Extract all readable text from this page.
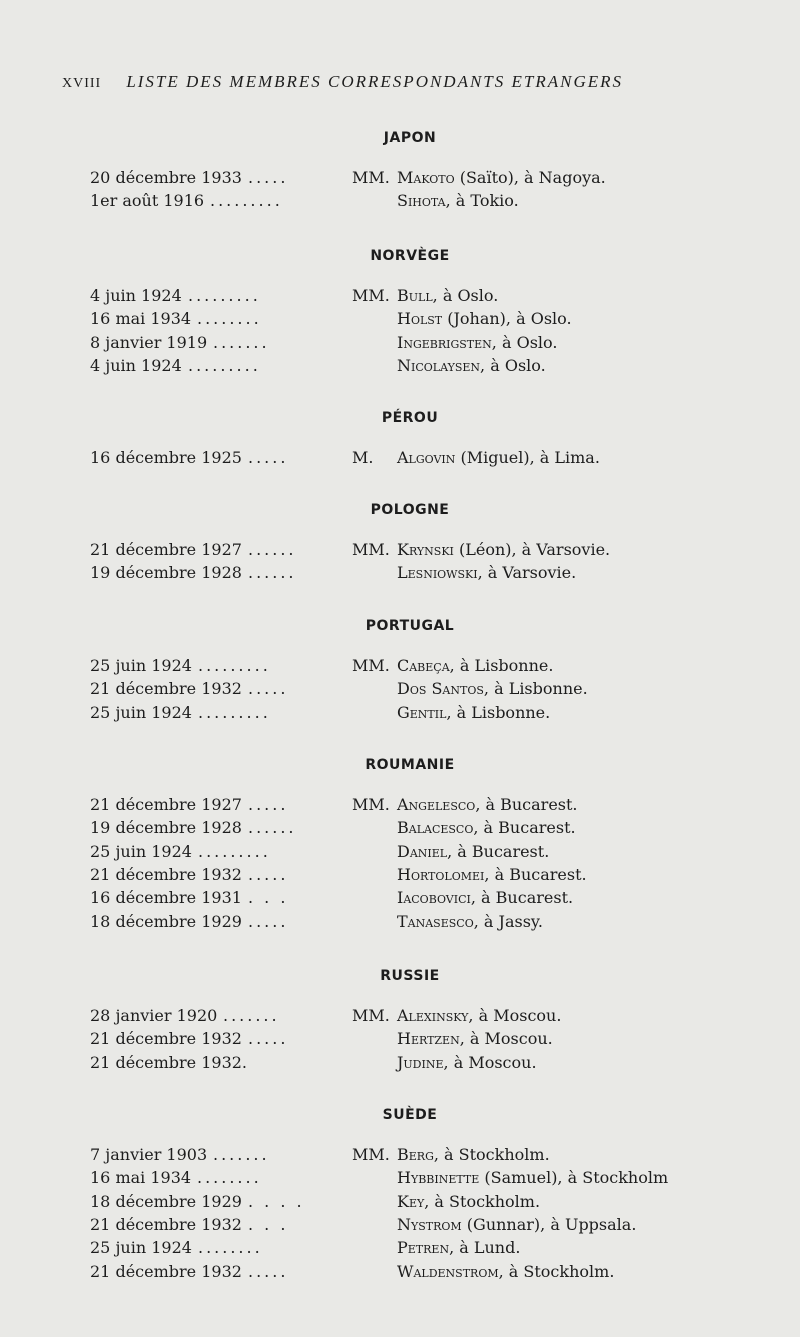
XVIII LISTE DES MEMBRES CORRESPONDANTS ETRANGERS
JAPON
20 décembre 1933 .....	MM. Makoto (Saïto), à Nagoya.
1er août 1916 .........	Sihota, à Tokio.
NORVÈGE
4 juin 1924 .........	MM. Bull, à Oslo.
16 mai 1934 ........	Holst (Johan), à Oslo.
8 janvier 1919 .......	Ingebrigsten, à Oslo.
4 juin 1924 .........	Nicolaysen, à Oslo.
PÉROU
16 décembre 1925 .....	M. Algovin (Miguel), à Lima.
POLOGNE
21 décembre 1927 ......	MM. Krynski (Léon), à Varsovie.
19 décembre 1928 ......	Lesniowski, à Varsovie.
PORTUGAL
25 juin 1924 .........	MM. Cabeça, à Lisbonne.
21 décembre 1932 .....	Dos Santos, à Lisbonne.
25 juin 1924 .........	Gentil, à Lisbonne.
ROUMANIE
21 décembre 1927 .....	MM. Angelesco, à Bucarest.
19 décembre 1928 ......	Balacesco, à Bucarest.
25 juin 1924 .........	Daniel, à Bucarest.
21 décembre 1932 .....	Hortolomei, à Bucarest.
16 décembre 1931 . . .	Iacobovici, à Bucarest.
18 décembre 1929 .....	Tanasesco, à Jassy.
RUSSIE
28 janvier 1920 .......	MM. Alexinsky, à Moscou.
21 décembre 1932 .....	Hertzen, à Moscou.
21 décembre 1932.	Judine, à Moscou.
SUÈDE
7 janvier 1903 .......	MM. Berg, à Stockholm.
16 mai 1934 ........	Hybbinette (Samuel), à Stockholm
18 décembre 1929 . . . .	Key, à Stockholm.
21 décembre 1932 . . .	Nystrom (Gunnar), à Uppsala.
25 juin 1924 ........	Petren, à Lund.
21 décembre 1932 .....	Waldenstrom, à Stockholm.
